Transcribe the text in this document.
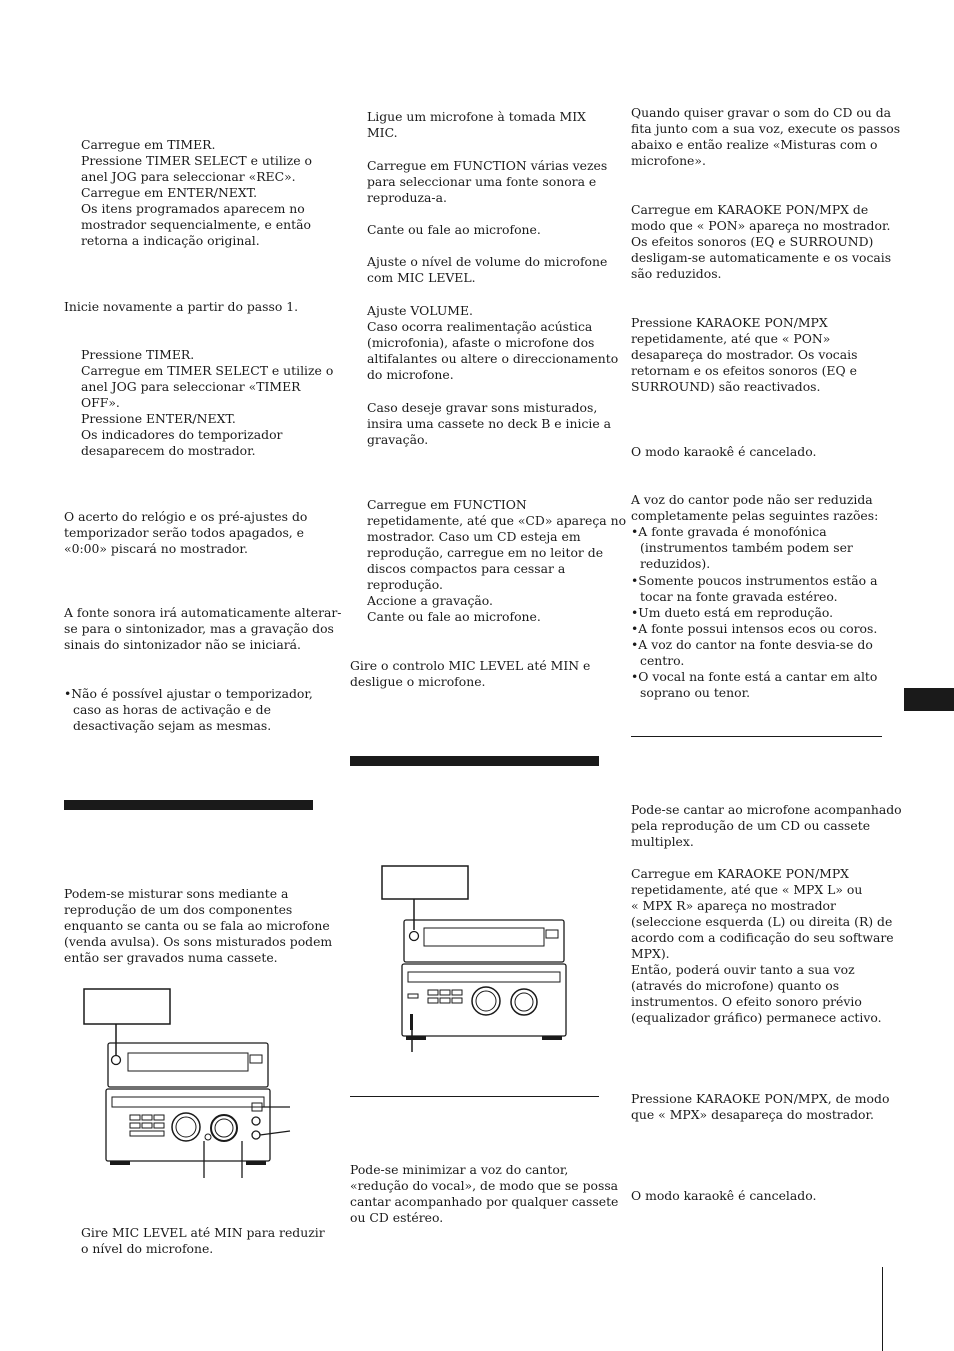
Carregue em TIMER.
Pressione TIMER SELECT e utilize o
anel JOG para seleccionar «REC».
Carregue em ENTER/NEXT.
Os itens programados aparecem no
mostrador sequencialmente, e então
retorna a indicação original.
Inicie novamente a partir do passo 1.
Pressione TIMER.
Carregue em TIMER SELECT e utilize o
anel JOG para seleccionar «TIMER
OFF».
Pressione ENTER/NEXT.
Os indicadores do temporizador
desaparecem do mostrador.
O acerto do relógio e os pré-ajustes do
temporizador serão todos apagados, e
«0:00» piscará no mostrador.
A fonte sonora irá automaticamente alterar-
se para o sintonizador, mas a gravação dos
sinais do sintonizador não se iniciará.
•Não é possível ajustar o temporizador,
caso as horas de activação e de
desactivação sejam as mesmas.
Podem-se misturar sons mediante a
reprodução de um dos componentes
enquanto se canta ou se fala ao microfone
(venda avulsa). Os sons misturados podem
então ser gravados numa cassete.
Gire MIC LEVEL até MIN para reduzir
o nível do microfone.
Ligue um microfone à tomada MIX
MIC.
Carregue em FUNCTION várias vezes
para seleccionar uma fonte sonora e
reproduza-a.
Cante ou fale ao microfone.
Ajuste o nível de volume do microfone
com MIC LEVEL.
Ajuste VOLUME.
Caso ocorra realimentação acústica
(microfonia), afaste o microfone dos
altifalantes ou altere o direccionamento
do microfone.
Caso deseje gravar sons misturados,
insira uma cassete no deck B e inicie a
gravação.
Carregue em FUNCTION
repetidamente, até que «CD» apareça no
mostrador. Caso um CD esteja em
reprodução, carregue em no leitor de
discos compactos para cessar a
reprodução.
Accione a gravação.
Cante ou fale ao microfone.
Gire o controlo MIC LEVEL até MIN e
desligue o microfone.
Pode-se minimizar a voz do cantor,
«redução do vocal», de modo que se possa
cantar acompanhado por qualquer cassete
ou CD estéreo.
Quando quiser gravar o som do CD ou da
fita junto com a sua voz, execute os passos
abaixo e então realize «Misturas com o
microfone».
Carregue em KARAOKE PON/MPX de
modo que « PON» apareça no mostrador.
Os efeitos sonoros (EQ e SURROUND)
desligam-se automaticamente e os vocais
são reduzidos.
Pressione KARAOKE PON/MPX
repetidamente, até que « PON»
desapareça do mostrador. Os vocais
retornam e os efeitos sonoros (EQ e
SURROUND) são reactivados.
O modo karaokê é cancelado.
A voz do cantor pode não ser reduzida
completamente pelas seguintes razões:
•A fonte gravada é monofónica
(instrumentos também podem ser
reduzidos).
•Somente poucos instrumentos estão a
tocar na fonte gravada estéreo.
•Um dueto está em reprodução.
•A fonte possui intensos ecos ou coros.
•A voz do cantor na fonte desvia-se do
centro.
•O vocal na fonte está a cantar em alto
soprano ou tenor.
Pode-se cantar ao microfone acompanhado
pela reprodução de um CD ou cassete
multiplex.
Carregue em KARAOKE PON/MPX
repetidamente, até que « MPX L» ou
« MPX R» apareça no mostrador
(seleccione esquerda (L) ou direita (R) de
acordo com a codificação do seu software
MPX).
Então, poderá ouvir tanto a sua voz
(através do microfone) quanto os
instrumentos. O efeito sonoro prévio
(equalizador gráfico) permanece activo.
Pressione KARAOKE PON/MPX, de modo
que « MPX» desapareça do mostrador.
O modo karaokê é cancelado.
